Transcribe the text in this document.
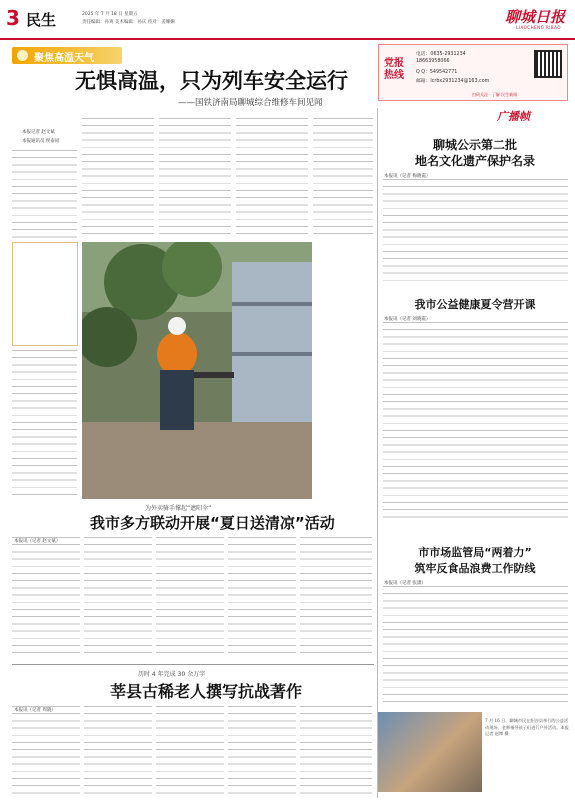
3 民生	2025 年 7 月 18 日 星期五
责任编辑：孙爽 美术编辑：孙庆 校对：姜姗姗	聊城日报
LIAOCHENG RIBAO
聚焦高温天气
无惧高温，只为列车安全运行
——国铁济南局聊城综合维修车间见闻
本报记者 赵文斌
本报通讯员 侯泰同
7 月 15 日，监测组成员在高温中检修设备，聊城综合维修车间职工坚守岗位，确保列车安全运行。本报记者 赵文斌 摄
为外卖骑手撑起“遮阳伞”
我市多方联动开展“夏日送清凉”活动
本报讯（记者 赵文斌）
历时 4 年完成 30 余万字
莘县古稀老人撰写抗战著作
本报讯（记者 周晓）
党报热线
电话：0635-2931234
18663958066
Q Q：549542771
邮箱：lcrbx2931234@163.com
扫码关注 · 了解 民生新闻
广播帧
聊城公示第二批
地名文化遗产保护名录
本报讯（记者 梅晓霞）
我市公益健康夏令营开课
本报讯（记者 刘晓霞）
市市场监管局“两着力”
筑牢反食品浪费工作防线
本报讯（记者 张潇）
7 月 16 日，聊城市民在阳谷县举行的公益活动现场，老师指导孩子们进行户外活动。本报记者 赵博 摄
